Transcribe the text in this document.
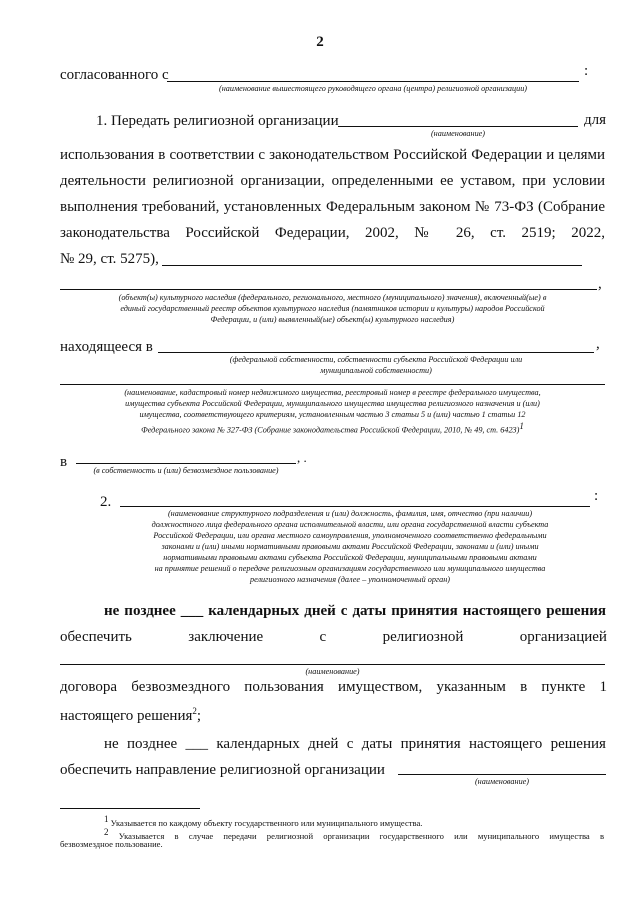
2
согласованного с	:
(наименование вышестоящего руководящего органа (центра) религиозной организации)
1. Передать религиозной организации	для
(наименование)
использования в соответствии с законодательством Российской Федерации и целями
деятельности религиозной организации, определенными ее уставом, при условии
выполнения требований, установленных Федеральным законом № 73-ФЗ (Собрание
законодательства Российской Федерации, 2002, № 26, ст. 2519; 2022,
№ 29, ст. 5275),
,
(объект(ы) культурного наследия (федерального, регионального, местного (муниципального) значения), включенный(ые) в
единый государственный реестр объектов культурного наследия (памятников истории и культуры) народов Российской
Федерации, и (или) выявленный(ые) объект(ы) культурного наследия)
находящееся в	,
(федеральной собственности, собственности субъекта Российской Федерации или
муниципальной собственности)
(наименование, кадастровый номер недвижимого имущества, реестровый номер в реестре федерального имущества,
имущества субъекта Российской Федерации, муниципального имущества имущества религиозного назначения и (или)
имущества, соответствующего критериям, установленным частью 3 статьи 5 и (или) частью 1 статьи 12
Федерального закона № 327-ФЗ (Собрание законодательства Российской Федерации, 2010, № 49, ст. 6423)$^1$
в	, .
(в собственность и (или) безвозмездное пользование)
2.	:
(наименование структурного подразделения и (или) должность, фамилия, имя, отчество (при наличии)
должностного лица федерального органа исполнительной власти, или органа государственной власти субъекта
Российской Федерации, или органа местного самоуправления, уполномоченного соответственно федеральными
законами и (или) иными нормативными правовыми актами Российской Федерации, законами и (или) иными
нормативными правовыми актами субъекта Российской Федерации, муниципальными правовыми актами
на принятие решений о передаче религиозным организациям государственного или муниципального имущества
религиозного назначения (далее – уполномоченный орган)
не позднее ___ календарных дней с даты принятия настоящего решения
обеспечить	заключение	с	религиозной	организацией
(наименование)
договора безвозмездного пользования имуществом, указанным в пункте 1
настоящего решения$^2$;
не позднее ___ календарных дней с даты принятия настоящего решения
обеспечить направление религиозной организации
(наименование)
$^1$ Указывается по каждому объекту государственного или муниципального имущества.
$^2$ Указывается в случае передачи религиозной организации государственного или муниципального имущества в
безвозмездное пользование.
